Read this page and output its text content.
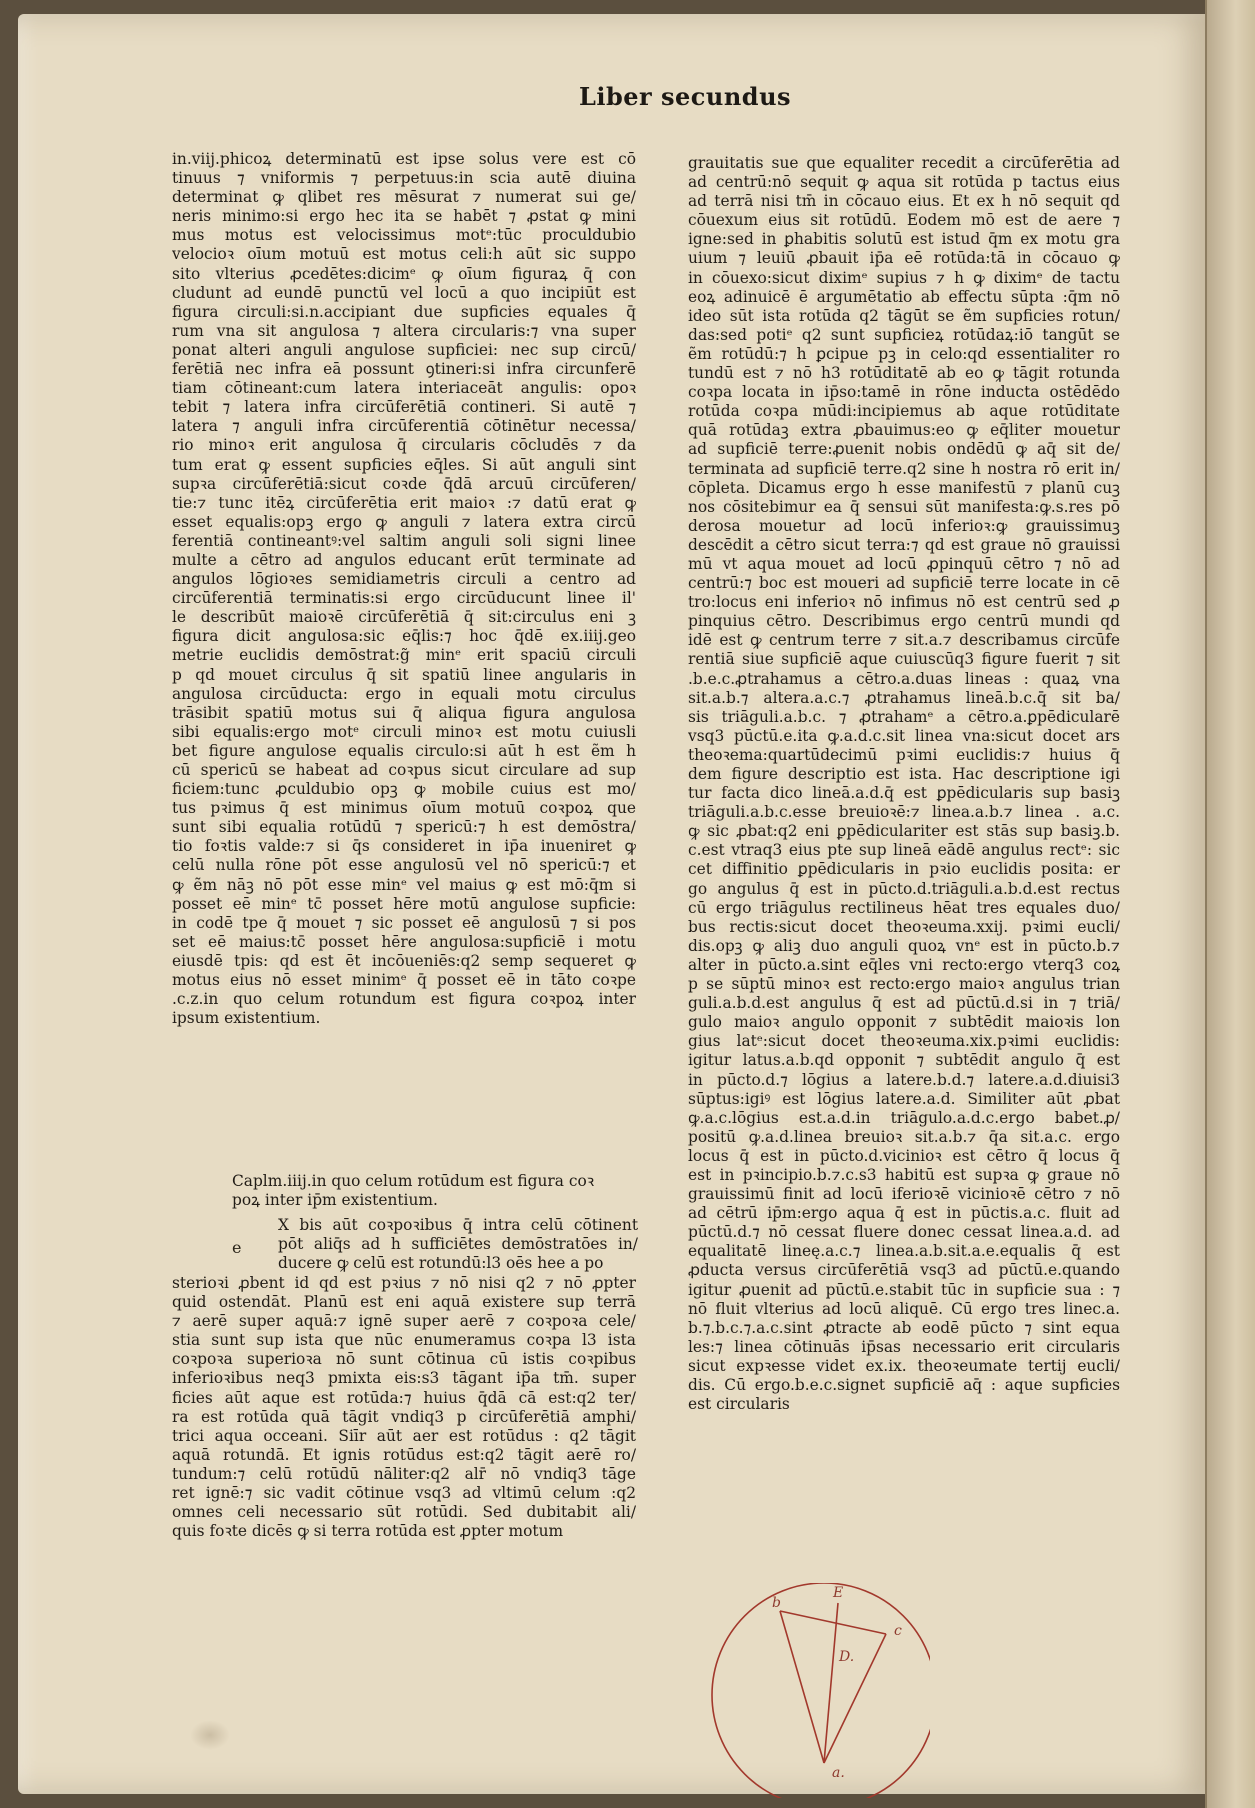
Liber secundus
in.viij.phicoꝝ determinatū est ipse solus vere est cō
tinuus ⁊ vniformis ⁊ perpetuus:in scia autē diuina
determinat ꝙ ql̄ibet res mēsurat ⁊ numerat sui ge/
neris minimo:si ergo hec ita se habēt ⁊ ꝓstat ꝙ mini
mus motus est velocissimus motᵉ:tūc proculdubio
velocioꝛ oīum motuū est motus celi:h aūt sic suppo
sito vlterius ꝓcedētes:dicimᵉ ꝙ oīum figuraꝝ q̄ con
cludunt ad eundē punctū vel locū a quo incipiūt est
figura circuli:si.n.accipiant due supficies equales q̄
rum vna sit angulosa ⁊ altera circularis:⁊ vna super
ponat alteri anguli angulose supficiei: nec sup circū/
ferētiā nec infra eā possunt ꝯtineri:si infra circunferē
tiam cōtineant:cum latera interiaceāt angulis: opoꝛ
tebit ⁊ latera infra circūferētiā contineri. Si autē ⁊
latera ⁊ anguli infra circūferentiā cōtinētur necessa/
rio minoꝛ erit angulosa q̄ circularis cōcludēs ⁊ da
tum erat ꝙ essent supficies eq̄les. Si aūt anguli sint
supꝛa circūferētiā:sicut coꝛde q̄dā arcuū circūferen/
tie:⁊ tunc itēꝝ circūferētia erit maioꝛ :⁊ datū erat ꝙ
esset equalis:opꝫ ergo ꝙ anguli ⁊ latera extra circū
ferentiā contineantꝰ:vel saltim anguli soli signi linee
multe a cētro ad angulos educant erūt terminate ad
angulos lōgioꝛes semidiametris circuli a centro ad
circūferentiā terminatis:si ergo circūducunt linee il'
le describūt maioꝛē circūferētiā q̄ sit:circulus eni ꝫ
figura dicit angulosa:sic eq̄lis:⁊ hoc q̄dē ex.iiij.geo
metrie euclidis demōstrat:g̃ minᵉ erit spaciū circuli
p qd̄ mouet circulus q̄ sit spatiū linee angularis in
angulosa circūducta: ergo in equali motu circulus
trāsibit spatiū motus sui q̄ aliqua figura angulosa
sibi equalis:ergo motᵉ circuli minoꝛ est motu cuiusli
bet figure angulose equalis circulo:si aūt h est ẽm h
cū spericū se habeat ad coꝛpus sicut circulare ad sup
ficiem:tunc ꝓculdubio opꝫ ꝙ mobile cuius est mo/
tus pꝛimus q̄ est minimus oīum motuū coꝛpoꝝ que
sunt sibi equalia rotūdū ⁊ spericū:⁊ h est demōstra/
tio foꝛtis valde:⁊ si q̄s consideret in ip̄a inueniret ꝙ
celū nulla rōne pōt esse angulosū vel nō spericū:⁊ et
ꝙ ẽm nāꝫ nō pōt esse minᵉ vel maius ꝙ est mō:q̄m si
posset eē minᵉ tc̄ posset hēre motū angulose supficie:
in codē tpe q̄ mouet ⁊ sic posset eē angulosū ⁊ si pos
set eē maius:tc̄ posset hēre angulosa:supficiē i motu
eiusdē tpis: qd̄ est ēt incōueniēs:q2 semp sequeret ꝙ
motus eius nō esset minimᵉ q̄ posset eē in tāto coꝛpe
.c.z.in quo celum rotundum est figura coꝛpoꝝ inter
ipsum existentium.
Caplm.iiij.in quo celum rotūdum est figura coꝛ
poꝝ inter ip̄m existentium.
e
X bis aūt coꝛpoꝛibus q̄ intra celū cōtinent
pōt aliq̄s ad h sufficiētes demōstratōes in/
ducere ꝙ celū est rotundū:l3 oēs hee a po
sterioꝛi ꝓbent id qd̄ est pꝛius ⁊ nō nisi q2 ⁊ nō ꝓpter
quid ostendāt. Planū est eni aquā existere sup terrā
⁊ aerē super aquā:⁊ ignē super aerē ⁊ coꝛpoꝛa cele/
stia sunt sup ista que nūc enumeramus coꝛpa l3 ista
coꝛpoꝛa superioꝛa nō sunt cōtinua cū istis coꝛpibus
inferioꝛibus neq3 pmixta eis:s3 tāgant ip̄a tm̄. super
ficies aūt aque est rotūda:⁊ huius q̄dā cā est:q2 ter/
ra est rotūda quā tāgit vndiq3 p circūferētiā amphi/
trici aqua occeani. Siīr aūt aer est rotūdus : q2 tāgit
aquā rotundā. Et ignis rotūdus est:q2 tāgit aerē ro/
tundum:⁊ celū rotūdū nāliter:q2 alr̄ nō vndiq3 tāge
ret ignē:⁊ sic vadit cōtinue vsq3 ad vltimū celum :q2
omnes celi necessario sūt rotūdi. Sed dubitabit ali/
quis foꝛte dicēs ꝙ si terra rotūda est ꝓpter motum
grauitatis sue que equaliter recedit a circūferētia ad
ad centrū:nō sequit ꝙ aqua sit rotūda p tactus eius
ad terrā nisi tm̄ in cōcauo eius. Et ex h nō sequit qd̄
cōuexum eius sit rotūdū. Eodem mō est de aere ⁊
igne:sed in ꝑhabitis solutū est istud q̄m ex motu gra
uium ⁊ leuiū ꝓbauit ip̄a eē rotūda:tā in cōcauo ꝙ
in cōuexo:sicut diximᵉ supius ⁊ h ꝙ diximᵉ de tactu
eoꝝ adinuicē ē argumētatio ab effectu sūpta :q̄m nō
ideo sūt ista rotūda q2 tāgūt se ẽm supficies rotun/
das:sed potiᵉ q2 sunt supficieꝝ rotūdaꝝ:iō tangūt se
ẽm rotūdū:⁊ h ꝑcipue pꝫ in celo:qd̄ essentialiter ro
tundū est ⁊ nō h3 rotūditatē ab eo ꝙ tāgit rotunda
coꝛpa locata in ip̄so:tamē in rōne inducta ostēdēdo
rotūda coꝛpa mūdi:incipiemus ab aque rotūditate
quā rotūdaꝫ extra ꝓbauimus:eo ꝙ eq̄liter mouetur
ad supficiē terre:ꝓuenit nobis ondēdū ꝙ aq̄ sit de/
terminata ad supficiē terre.q2 sine h nostra rō erit in/
cōpleta. Dicamus ergo h esse manifestū ⁊ planū cuꝫ
nos cōsitebimur ea q̄ sensui sūt manifesta:ꝙ.s.res pō
derosa mouetur ad locū inferioꝛ:ꝙ grauissimuꝫ
descēdit a cētro sicut terra:⁊ qd̄ est graue nō grauissi
mū vt aqua mouet ad locū ꝓpinquū cētro ⁊ nō ad
centrū:⁊ boc est moueri ad supficiē terre locate in cē
tro:locus eni inferioꝛ nō infimus nō est centrū sed ꝓ
pinquius cētro. Describimus ergo centrū mundi qd̄
idē est ꝙ centrum terre ⁊ sit.a.⁊ describamus circūfe
rentiā siue supficiē aque cuiuscūq3 figure fuerit ⁊ sit
.b.e.c.ꝓtrahamus a cētro.a.duas lineas : quaꝝ vna
sit.a.b.⁊ altera.a.c.⁊ ꝓtrahamus lineā.b.c.q̄ sit ba/
sis triāguli.a.b.c. ⁊ ꝓtrahamᵉ a cētro.a.ꝑpēdicularē
vsq3 pūctū.e.ita ꝙ.a.d.c.sit linea vna:sicut docet ars
theoꝛema:quartūdecimū pꝛimi euclidis:⁊ huius q̄
dem figure descriptio est ista. Hac descriptione igi
tur facta dico lineā.a.d.q̄ est ꝑpēdicularis sup basiꝫ
triāguli.a.b.c.esse breuioꝛē:⁊ linea.a.b.⁊ linea . a.c.
ꝙ sic ꝓbat:q2 eni ꝑpēdiculariter est stās sup basiꝫ.b.
c.est vtraq3 eius pte sup lineā eādē angulus rectᵉ: sic
cet diffinitio ꝑpēdicularis in pꝛio euclidis posita: er
go angulus q̄ est in pūcto.d.triāguli.a.b.d.est rectus
cū ergo triāgulus rectilineus hēat tres equales duo/
bus rectis:sicut docet theoꝛeuma.xxij. pꝛimi eucli/
dis.opꝫ ꝙ aliꝫ duo anguli quoꝝ vnᵉ est in pūcto.b.⁊
alter in pūcto.a.sint eq̄les vni recto:ergo vterq3 coꝝ
p se sūptū minoꝛ est recto:ergo maioꝛ angulus trian
guli.a.b.d.est angulus q̄ est ad pūctū.d.si in ⁊ triā/
gulo maioꝛ angulo opponit ⁊ subtēdit maioꝛis lon
gius latᵉ:sicut docet theoꝛeuma.xix.pꝛimi euclidis:
igitur latus.a.b.qd̄ opponit ⁊ subtēdit angulo q̄ est
in pūcto.d.⁊ lōgius a latere.b.d.⁊ latere.a.d.diuisi3
sūptus:igiꝰ est lōgius latere.a.d. Similiter aūt ꝓbat
ꝙ.a.c.lōgius est.a.d.in triāgulo.a.d.c.ergo babet.ꝓ/
positū ꝙ.a.d.linea breuioꝛ sit.a.b.⁊ q̄a sit.a.c. ergo
locus q̄ est in pūcto.d.vicinioꝛ est cētro q̄ locus q̄
est in pꝛincipio.b.⁊.c.s3 habitū est supꝛa ꝙ graue nō
grauissimū finit ad locū iferioꝛē vicinioꝛē cētro ⁊ nō
ad cētrū ip̄m:ergo aqua q̄ est in pūctis.a.c. fluit ad
pūctū.d.⁊ nō cessat fluere donec cessat linea.a.d. ad
equalitatē lineę.a.c.⁊ linea.a.b.sit.a.e.equalis q̄ est
ꝓducta versus circūferētiā vsq3 ad pūctū.e.quando
igitur ꝓuenit ad pūctū.e.stabit tūc in supficie sua : ⁊
nō fluit vlterius ad locū aliquē. Cū ergo tres linec.a.
b.⁊.b.c.⁊.a.c.sint ꝓtracte ab eodē pūcto ⁊ sint equa
les:⁊ linea cōtinuās ip̄sas necessario erit circularis
sicut expꝛesse videt ex.ix. theoꝛeumate tertij eucli/
dis. Cū ergo.b.e.c.signet supficiē aq̄ : aque supficies
est circularis
b
E
c
D.
a.
